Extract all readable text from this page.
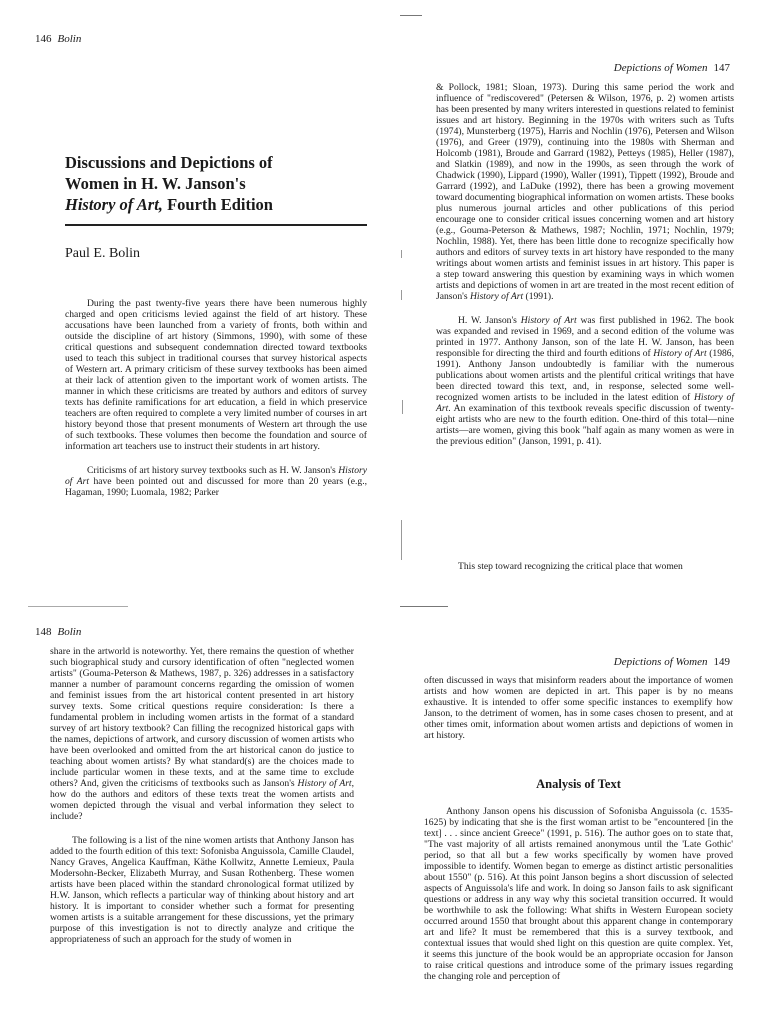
146 Bolin
Depictions of Women 147
Discussions and Depictions of
Women in H. W. Janson's
History of Art, Fourth Edition
Paul E. Bolin

During the past twenty-five years there have been numerous highly charged and open criticisms levied against the field of art history. These accusations have been launched from a variety of fronts, both within and outside the discipline of art history (Simmons, 1990), with some of these critical questions and subsequent condemnation directed toward textbooks used to teach this subject in traditional courses that survey historical aspects of Western art. A primary criticism of these survey textbooks has been aimed at their lack of attention given to the important work of women artists. The manner in which these criticisms are treated by authors and editors of survey texts has definite ramifications for art education, a field in which preservice teachers are often required to complete a very limited number of courses in art history beyond those that present monuments of Western art through the use of such textbooks. These volumes then become the foundation and source of information art teachers use to instruct their students in art history.

Criticisms of art history survey textbooks such as H. W. Janson's History of Art have been pointed out and discussed for more than 20 years (e.g., Hagaman, 1990; Luomala, 1982; Parker

& Pollock, 1981; Sloan, 1973). During this same period the work and influence of "rediscovered" (Petersen & Wilson, 1976, p. 2) women artists has been presented by many writers interested in questions related to feminist issues and art history. Beginning in the 1970s with writers such as Tufts (1974), Munsterberg (1975), Harris and Nochlin (1976), Petersen and Wilson (1976), and Greer (1979), continuing into the 1980s with Sherman and Holcomb (1981), Broude and Garrard (1982), Petteys (1985), Heller (1987), and Slatkin (1989), and now in the 1990s, as seen through the work of Chadwick (1990), Lippard (1990), Waller (1991), Tippett (1992), Broude and Garrard (1992), and LaDuke (1992), there has been a growing movement toward documenting biographical information on women artists. These books plus numerous journal articles and other publications of this period encourage one to consider critical issues concerning women and art history (e.g., Gouma-Peterson & Mathews, 1987; Nochlin, 1971; Nochlin, 1979; Nochlin, 1988). Yet, there has been little done to recognize specifically how authors and editors of survey texts in art history have responded to the many writings about women artists and feminist issues in art history. This paper is a step toward answering this question by examining ways in which women artists and depictions of women in art are treated in the most recent edition of Janson's History of Art (1991).

H. W. Janson's History of Art was first published in 1962. The book was expanded and revised in 1969, and a second edition of the volume was printed in 1977. Anthony Janson, son of the late H. W. Janson, has been responsible for directing the third and fourth editions of History of Art (1986, 1991). Anthony Janson undoubtedly is familiar with the numerous publications about women artists and the plentiful critical writings that have been directed toward this text, and, in response, selected some well-recognized women artists to be included in the latest edition of History of Art. An examination of this textbook reveals specific discussion of twenty-eight artists who are new to the fourth edition. One-third of this total—nine artists—are women, giving this book "half again as many women as were in the previous edition" (Janson, 1991, p. 41).

This step toward recognizing the critical place that women
148 Bolin
Depictions of Women 149

share in the artworld is noteworthy. Yet, there remains the question of whether such biographical study and cursory identification of often "neglected women artists" (Gouma-Peterson & Mathews, 1987, p. 326) addresses in a satisfactory manner a number of paramount concerns regarding the omission of women and feminist issues from the art historical content presented in art history survey texts. Some critical questions require consideration: Is there a fundamental problem in including women artists in the format of a standard survey of art history textbook? Can filling the recognized historical gaps with the names, depictions of artwork, and cursory discussion of women artists who have been overlooked and omitted from the art historical canon do justice to teaching about women artists? By what standard(s) are the choices made to include particular women in these texts, and at the same time to exclude others? And, given the criticisms of textbooks such as Janson's History of Art, how do the authors and editors of these texts treat the women artists and women depicted through the visual and verbal information they select to include?

The following is a list of the nine women artists that Anthony Janson has added to the fourth edition of this text: Sofonisba Anguissola, Camille Claudel, Nancy Graves, Angelica Kauffman, Käthe Kollwitz, Annette Lemieux, Paula Modersohn-Becker, Elizabeth Murray, and Susan Rothenberg. These women artists have been placed within the standard chronological format utilized by H.W. Janson, which reflects a particular way of thinking about history and art history. It is important to consider whether such a format for presenting women artists is a suitable arrangement for these discussions, yet the primary purpose of this investigation is not to directly analyze and critique the appropriateness of such an approach for the study of women in

often discussed in ways that misinform readers about the importance of women artists and how women are depicted in art. This paper is by no means exhaustive. It is intended to offer some specific instances to exemplify how Janson, to the detriment of women, has in some cases chosen to present, and at other times omit, information about women artists and depictions of women in art history.

Analysis of Text

Anthony Janson opens his discussion of Sofonisba Anguissola (c. 1535-1625) by indicating that she is the first woman artist to be "encountered [in the text] . . . since ancient Greece" (1991, p. 516). The author goes on to state that, "The vast majority of all artists remained anonymous until the 'Late Gothic' period, so that all but a few works specifically by women have proved impossible to identify. Women began to emerge as distinct artistic personalities about 1550" (p. 516). At this point Janson begins a short discussion of selected aspects of Anguissola's life and work. In doing so Janson fails to ask significant questions or address in any way why this societal transition occurred. It would be worthwhile to ask the following: What shifts in Western European society occurred around 1550 that brought about this apparent change in contemporary art and life? It must be remembered that this is a survey textbook, and contextual issues that would shed light on this question are quite complex. Yet, it seems this juncture of the book would be an appropriate occasion for Janson to raise critical questions and introduce some of the primary issues regarding the changing role and perception of
